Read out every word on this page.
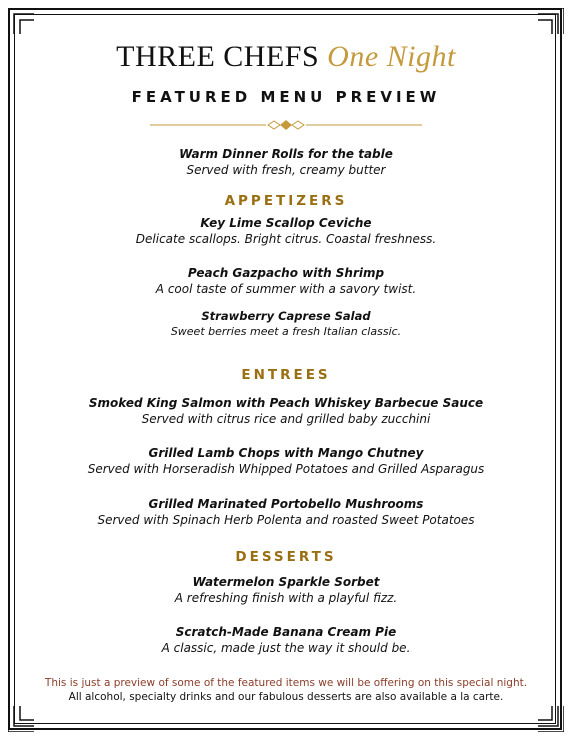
THREE CHEFS One Night
FEATURED MENU PREVIEW
Warm Dinner Rolls for the table
Served with fresh, creamy butter
APPETIZERS
Key Lime Scallop Ceviche
Delicate scallops. Bright citrus. Coastal freshness.
Peach Gazpacho with Shrimp
A cool taste of summer with a savory twist.
Strawberry Caprese Salad
Sweet berries meet a fresh Italian classic.
ENTREES
Smoked King Salmon with Peach Whiskey Barbecue Sauce
Served with citrus rice and grilled baby zucchini
Grilled Lamb Chops with Mango Chutney
Served with Horseradish Whipped Potatoes and Grilled Asparagus
Grilled Marinated Portobello Mushrooms
Served with Spinach Herb Polenta and roasted Sweet Potatoes
DESSERTS
Watermelon Sparkle Sorbet
A refreshing finish with a playful fizz.
Scratch-Made Banana Cream Pie
A classic, made just the way it should be.
This is just a preview of some of the featured items we will be offering on this special night.
All alcohol, specialty drinks and our fabulous desserts are also available a la carte.
